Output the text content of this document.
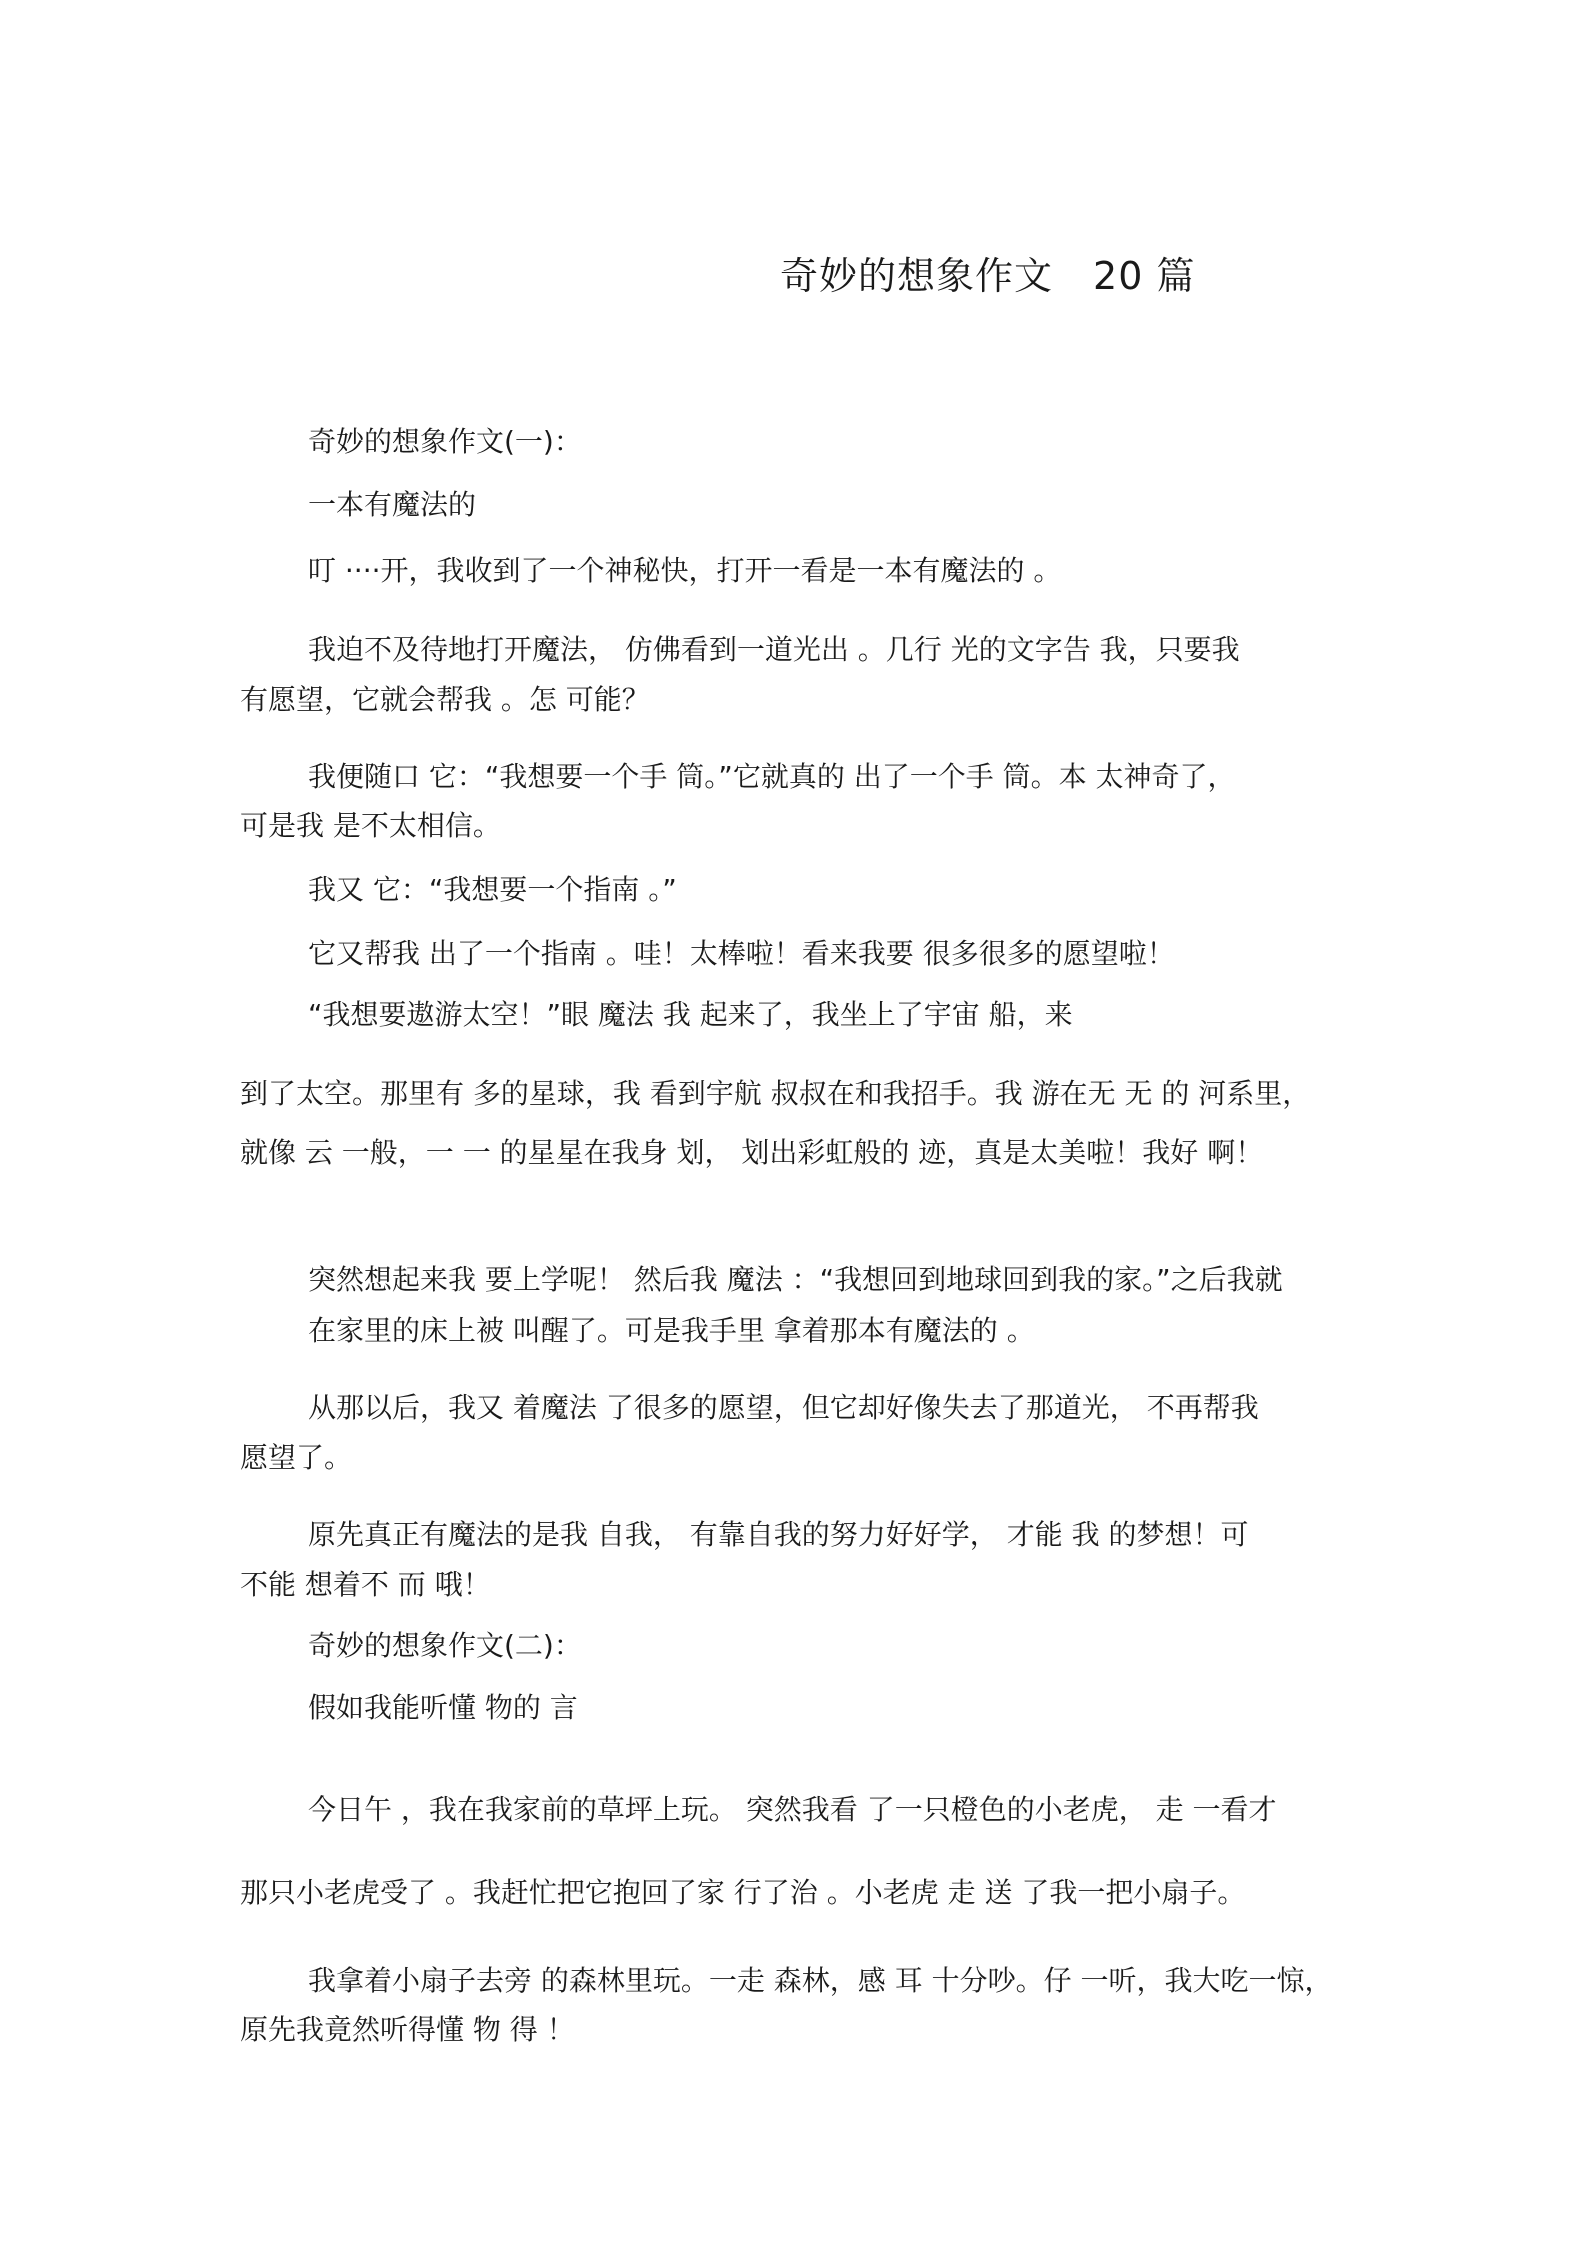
奇妙的想象作文 20 篇
奇妙的想象作文(一)：
一本有魔法的
叮 ····开，我收到了一个神秘快，打开一看是一本有魔法的 。
我迫不及待地打开魔法， 仿佛看到一道光出 。几行 光的文字告 我，只要我
有愿望，它就会帮我 。怎 可能？
我便随口 它：“我想要一个手 筒。”它就真的 出了一个手 筒。本 太神奇了，
可是我 是不太相信。
我又 它：“我想要一个指南 。”
它又帮我 出了一个指南 。哇！太棒啦！看来我要 很多很多的愿望啦！
“我想要遨游太空！”眼 魔法 我 起来了，我坐上了宇宙 船，来
到了太空。那里有 多的星球，我 看到宇航 叔叔在和我招手。我 游在无 无 的 河系里，
就像 云 一般，一 一 的星星在我身 划， 划出彩虹般的 迹，真是太美啦！我好 啊！
突然想起来我 要上学呢！ 然后我 魔法 ：“我想回到地球回到我的家。”之后我就
在家里的床上被 叫醒了。可是我手里 拿着那本有魔法的 。
从那以后，我又 着魔法 了很多的愿望，但它却好像失去了那道光， 不再帮我
愿望了。
原先真正有魔法的是我 自我， 有靠自我的努力好好学， 才能 我 的梦想！可
不能 想着不 而 哦！
奇妙的想象作文(二)：
假如我能听懂 物的 言
今日午 ，我在我家前的草坪上玩。 突然我看 了一只橙色的小老虎， 走 一看才
那只小老虎受了 。我赶忙把它抱回了家 行了治 。小老虎 走 送 了我一把小扇子。
我拿着小扇子去旁 的森林里玩。一走 森林，感 耳 十分吵。仔 一听，我大吃一惊，
原先我竟然听得懂 物 得 ！
